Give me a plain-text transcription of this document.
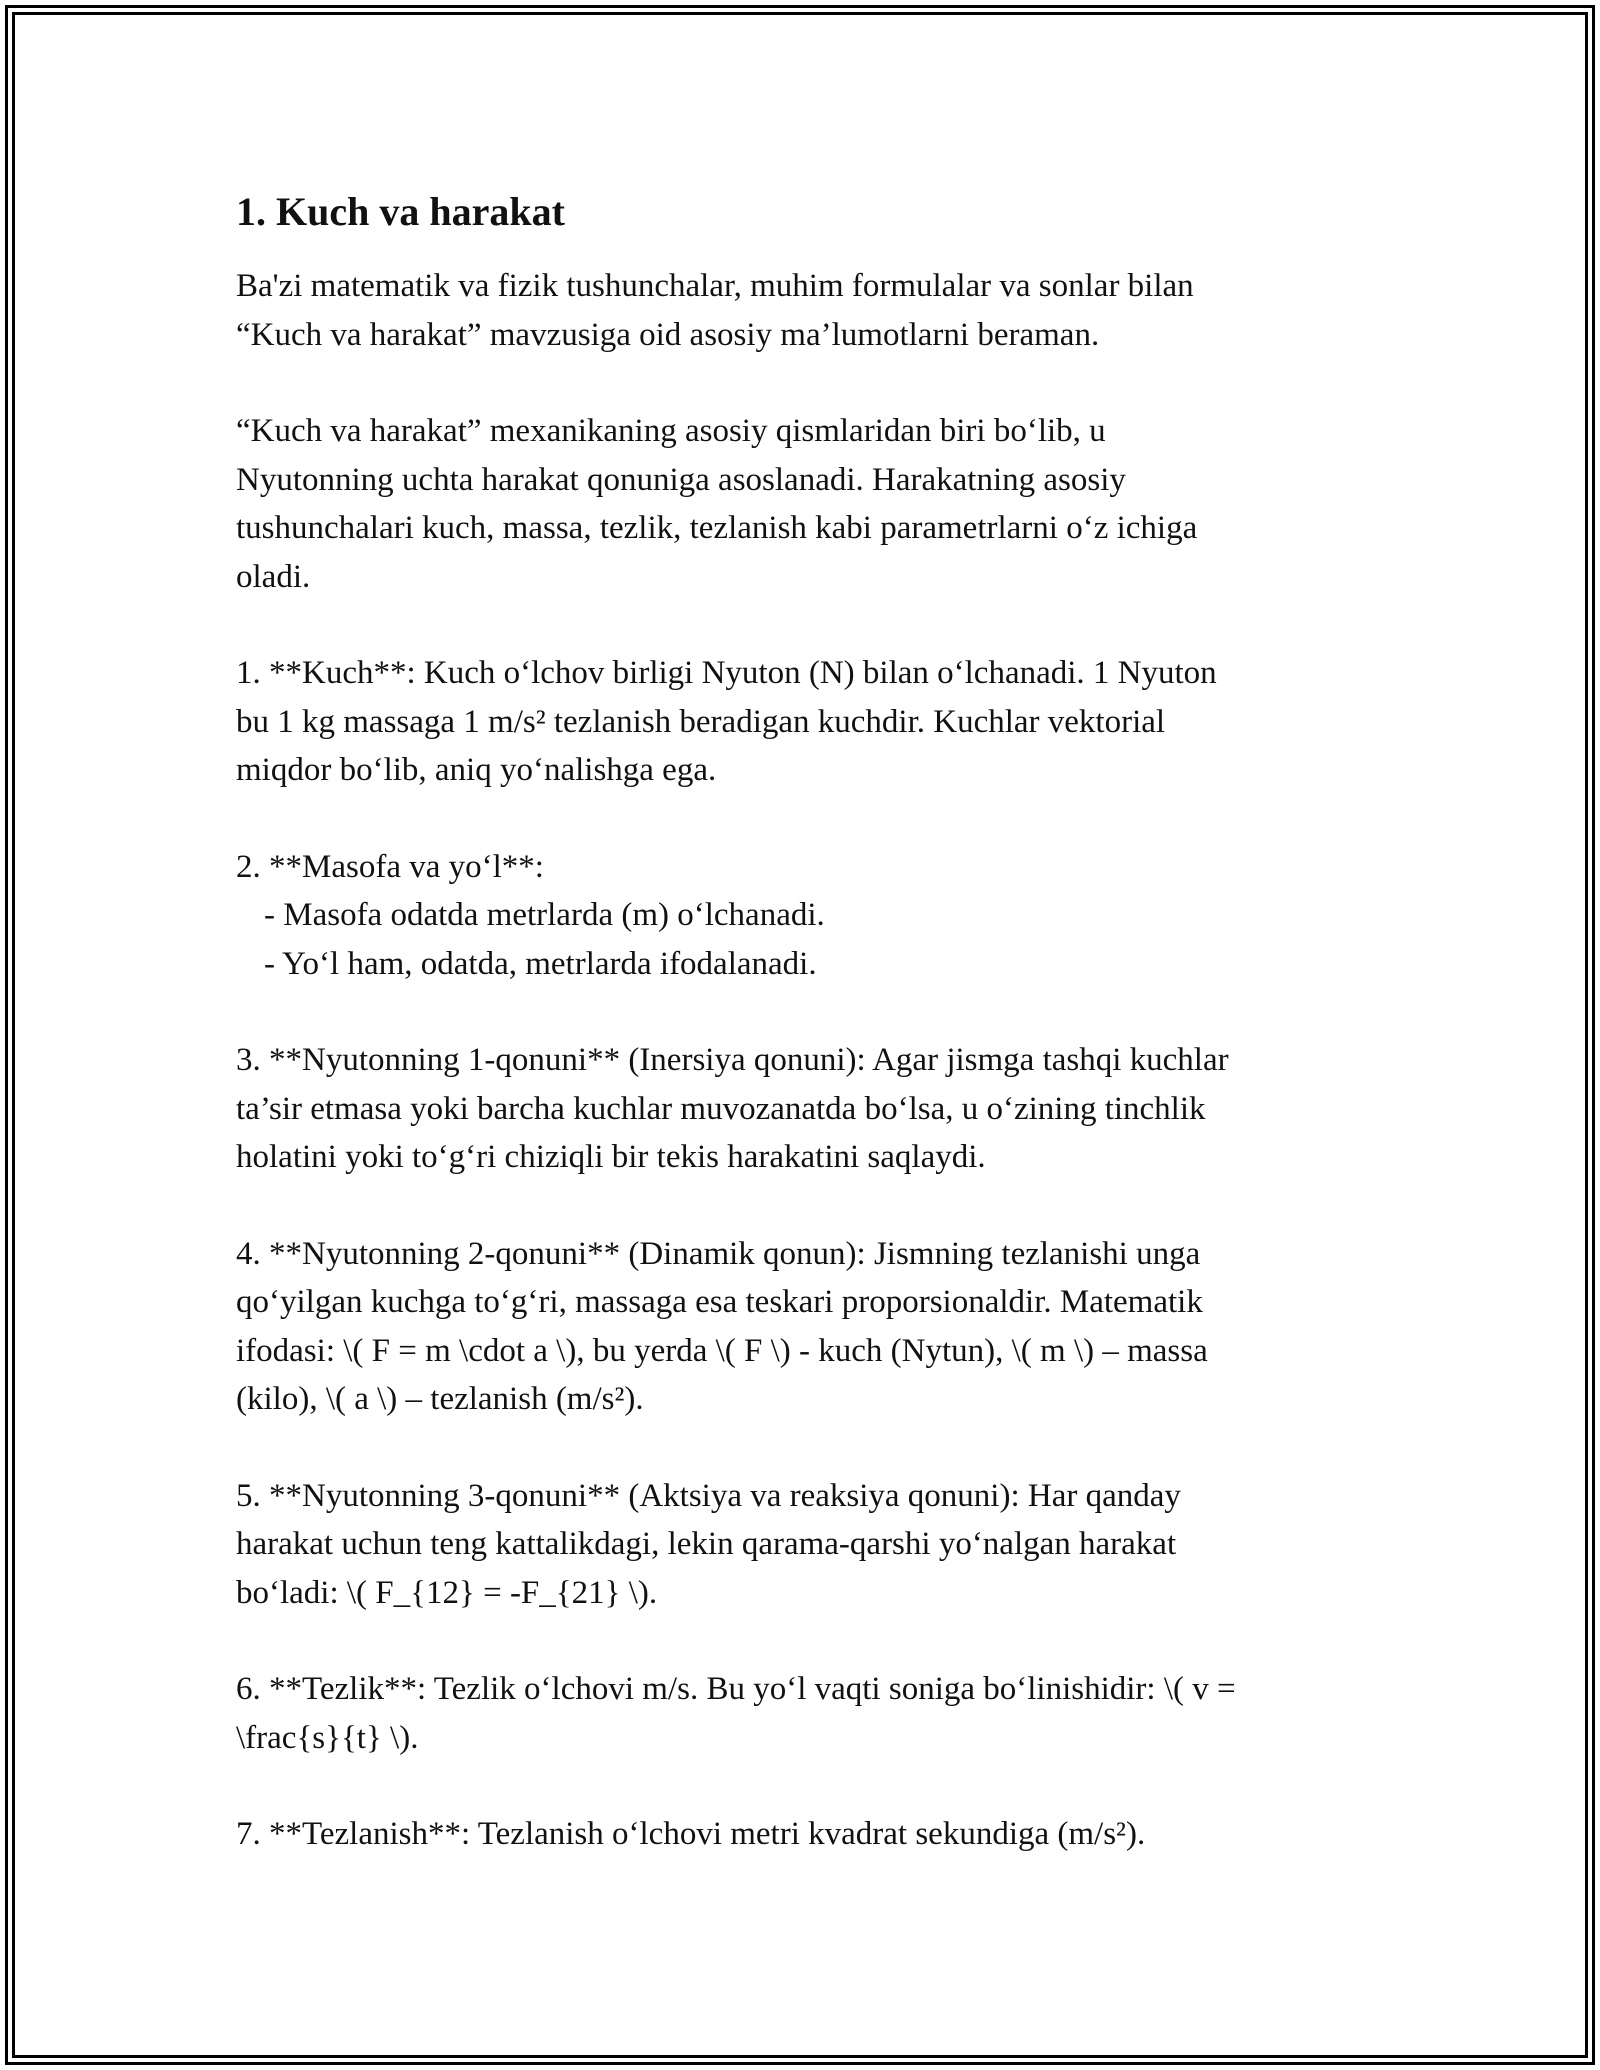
1. Kuch va harakat

Ba'zi matematik va fizik tushunchalar, muhim formulalar va sonlar bilan
“Kuch va harakat” mavzusiga oid asosiy ma’lumotlarni beraman.

“Kuch va harakat” mexanikaning asosiy qismlaridan biri bo‘lib, u
Nyutonning uchta harakat qonuniga asoslanadi. Harakatning asosiy
tushunchalari kuch, massa, tezlik, tezlanish kabi parametrlarni o‘z ichiga
oladi.

1. **Kuch**: Kuch o‘lchov birligi Nyuton (N) bilan o‘lchanadi. 1 Nyuton
bu 1 kg massaga 1 m/s² tezlanish beradigan kuchdir. Kuchlar vektorial
miqdor bo‘lib, aniq yo‘nalishga ega.

2. **Masofa va yo‘l**:
- Masofa odatda metrlarda (m) o‘lchanadi.
- Yo‘l ham, odatda, metrlarda ifodalanadi.

3. **Nyutonning 1-qonuni** (Inersiya qonuni): Agar jismga tashqi kuchlar
ta’sir etmasa yoki barcha kuchlar muvozanatda bo‘lsa, u o‘zining tinchlik
holatini yoki to‘g‘ri chiziqli bir tekis harakatini saqlaydi.

4. **Nyutonning 2-qonuni** (Dinamik qonun): Jismning tezlanishi unga
qo‘yilgan kuchga to‘g‘ri, massaga esa teskari proporsionaldir. Matematik
ifodasi: \( F = m \cdot a \), bu yerda \( F \) - kuch (Nytun), \( m \) – massa
(kilo), \( a \) – tezlanish (m/s²).

5. **Nyutonning 3-qonuni** (Aktsiya va reaksiya qonuni): Har qanday
harakat uchun teng kattalikdagi, lekin qarama-qarshi yo‘nalgan harakat
bo‘ladi: \( F_{12} = -F_{21} \).

6. **Tezlik**: Tezlik o‘lchovi m/s. Bu yo‘l vaqti soniga bo‘linishidir: \( v =
\frac{s}{t} \).

7. **Tezlanish**: Tezlanish o‘lchovi metri kvadrat sekundiga (m/s²).
